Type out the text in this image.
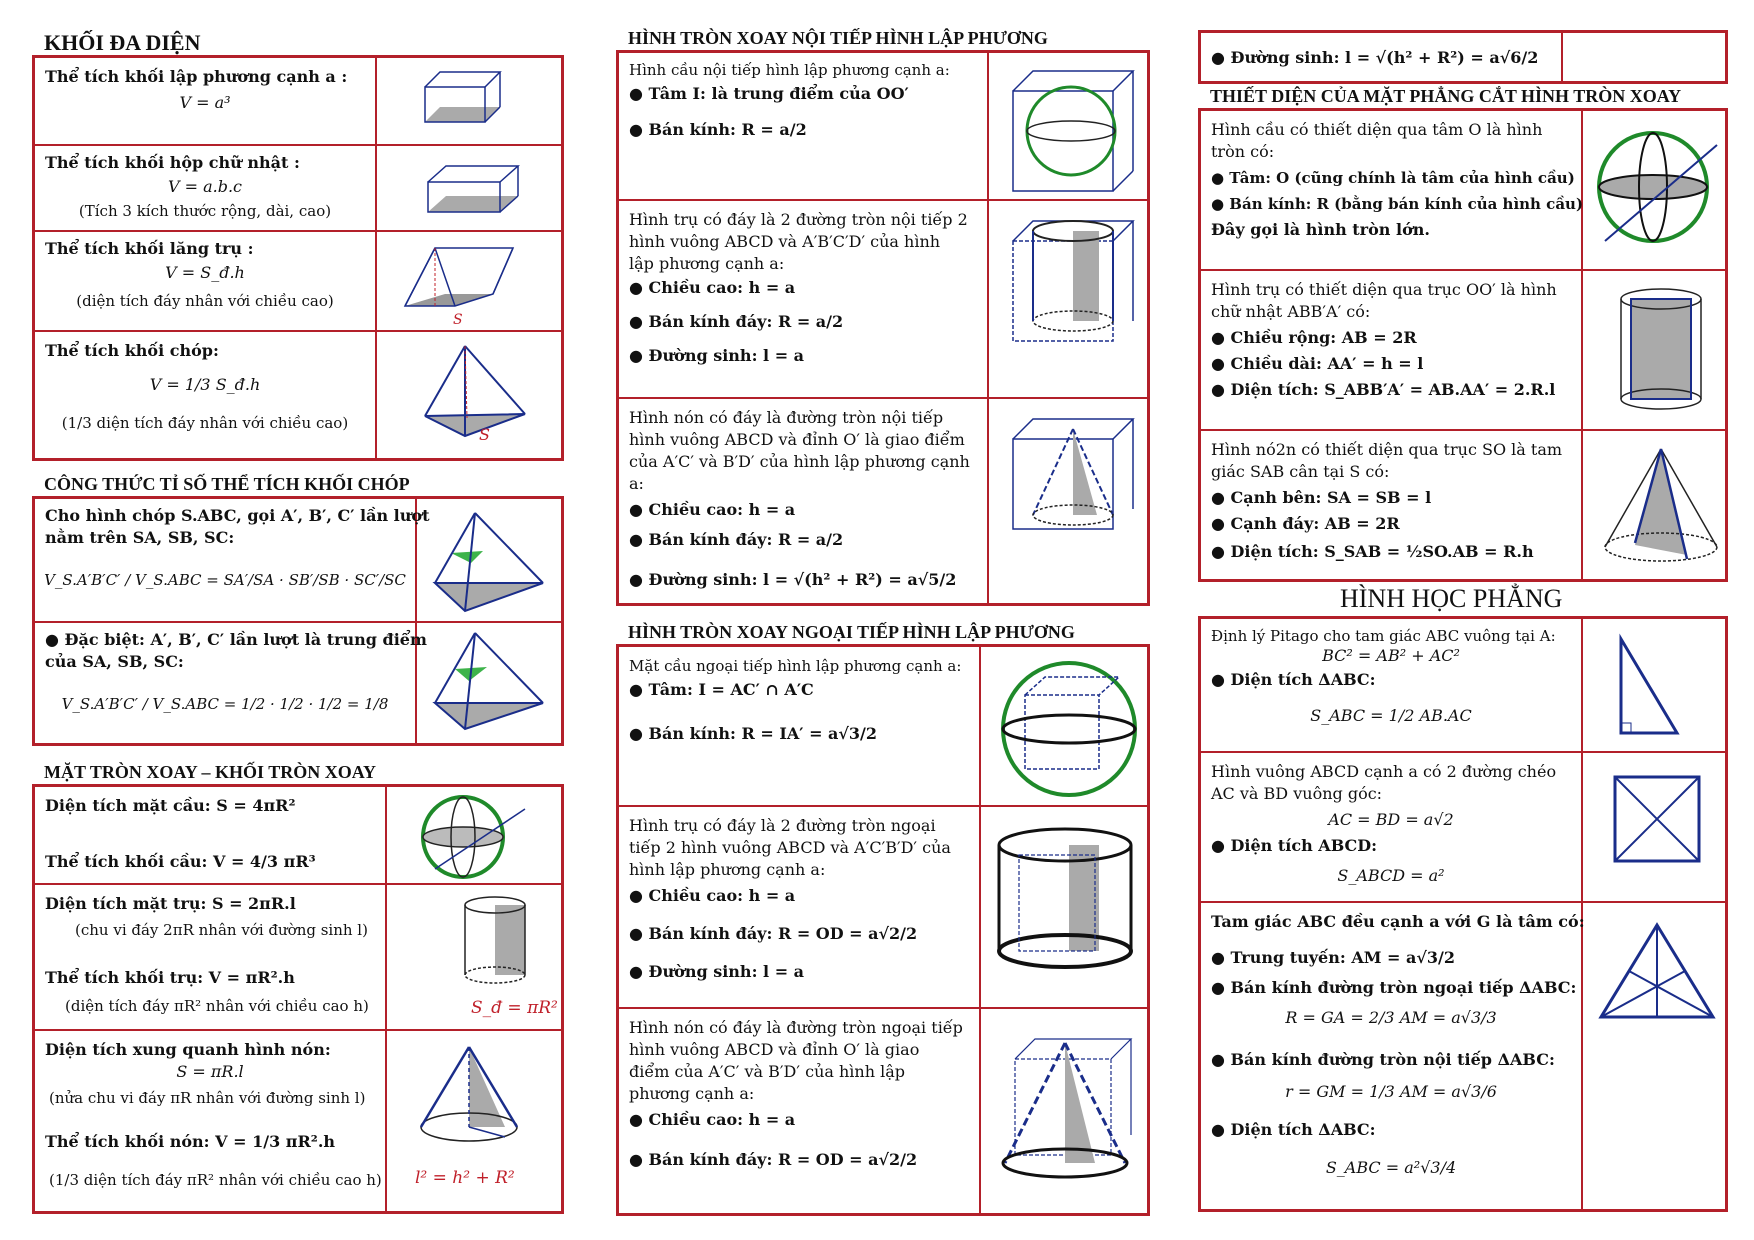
KHỐI ĐA DIỆN
Thể tích khối lập phương cạnh a :
V = a³
Thể tích khối hộp chữ nhật :
V = a.b.c
(Tích 3 kích thước rộng, dài, cao)
Thể tích khối lăng trụ :
V = S_đ.h
(diện tích đáy nhân với chiều cao)
S
Thể tích khối chóp:
V = 1/3 S_đ.h
(1/3 diện tích đáy nhân với chiều cao)
S
CÔNG THỨC TỈ SỐ THỂ TÍCH KHỐI CHÓP
Cho hình chóp S.ABC, gọi A′, B′, C′ lần lượt
nằm trên SA, SB, SC:
V_S.A′B′C′ / V_S.ABC = SA′/SA · SB′/SB · SC′/SC
● Đặc biệt: A′, B′, C′ lần lượt là trung điểm
của SA, SB, SC:
V_S.A′B′C′ / V_S.ABC = 1/2 · 1/2 · 1/2 = 1/8
MẶT TRÒN XOAY – KHỐI TRÒN XOAY
Diện tích mặt cầu: S = 4πR²
Thể tích khối cầu: V = 4/3 πR³
Diện tích mặt trụ: S = 2πR.l
(chu vi đáy 2πR nhân với đường sinh l)
Thể tích khối trụ: V = πR².h
(diện tích đáy πR² nhân với chiều cao h)	S_đ = πR²
Diện tích xung quanh hình nón:
S = πR.l
(nửa chu vi đáy πR nhân với đường sinh l)
Thể tích khối nón: V = 1/3 πR².h
(1/3 diện tích đáy πR² nhân với chiều cao h) l² = h² + R²
HÌNH TRÒN XOAY NỘI TIẾP HÌNH LẬP PHƯƠNG
Hình cầu nội tiếp hình lập phương cạnh a:
● Tâm I: là trung điểm của OO′
● Bán kính: R = a/2
Hình trụ có đáy là 2 đường tròn nội tiếp 2
hình vuông ABCD và A′B′C′D′ của hình
lập phương cạnh a:
● Chiều cao: h = a
● Bán kính đáy: R = a/2
● Đường sinh: l = a
Hình nón có đáy là đường tròn nội tiếp
hình vuông ABCD và đỉnh O′ là giao điểm
của A′C′ và B′D′ của hình lập phương cạnh
a:
● Chiều cao: h = a
● Bán kính đáy: R = a/2
● Đường sinh: l = √(h² + R²) = a√5/2
HÌNH TRÒN XOAY NGOẠI TIẾP HÌNH LẬP PHƯƠNG
Mặt cầu ngoại tiếp hình lập phương cạnh a:
● Tâm: I = AC′ ∩ A′C
● Bán kính: R = IA′ = a√3/2
Hình trụ có đáy là 2 đường tròn ngoại
tiếp 2 hình vuông ABCD và A′C′B′D′ của
hình lập phương cạnh a:
● Chiều cao: h = a
● Bán kính đáy: R = OD = a√2/2
● Đường sinh: l = a
Hình nón có đáy là đường tròn ngoại tiếp
hình vuông ABCD và đỉnh O′ là giao
điểm của A′C′ và B′D′ của hình lập
phương cạnh a:
● Chiều cao: h = a
● Bán kính đáy: R = OD = a√2/2
● Đường sinh: l = √(h² + R²) = a√6/2
THIẾT DIỆN CỦA MẶT PHẲNG CẮT HÌNH TRÒN XOAY
Hình cầu có thiết diện qua tâm O là hình
tròn có:
● Tâm: O (cũng chính là tâm của hình cầu)
● Bán kính: R (bằng bán kính của hình cầu)
Đây gọi là hình tròn lớn.
Hình trụ có thiết diện qua trục OO′ là hình
chữ nhật ABB′A′ có:
● Chiều rộng: AB = 2R
● Chiều dài: AA′ = h = l
● Diện tích: S_ABB′A′ = AB.AA′ = 2.R.l
Hình nó2n có thiết diện qua trục SO là tam
giác SAB cân tại S có:
● Cạnh bên: SA = SB = l
● Cạnh đáy: AB = 2R
● Diện tích: S_SAB = ½SO.AB = R.h
HÌNH HỌC PHẲNG
Định lý Pitago cho tam giác ABC vuông tại A:
BC² = AB² + AC²
● Diện tích ΔABC:
S_ABC = 1/2 AB.AC
Hình vuông ABCD cạnh a có 2 đường chéo
AC và BD vuông góc:
AC = BD = a√2
● Diện tích ABCD:
S_ABCD = a²
Tam giác ABC đều cạnh a với G là tâm có:
● Trung tuyến: AM = a√3/2
● Bán kính đường tròn ngoại tiếp ΔABC:
R = GA = 2/3 AM = a√3/3
● Bán kính đường tròn nội tiếp ΔABC:
r = GM = 1/3 AM = a√3/6
● Diện tích ΔABC:
S_ABC = a²√3/4
